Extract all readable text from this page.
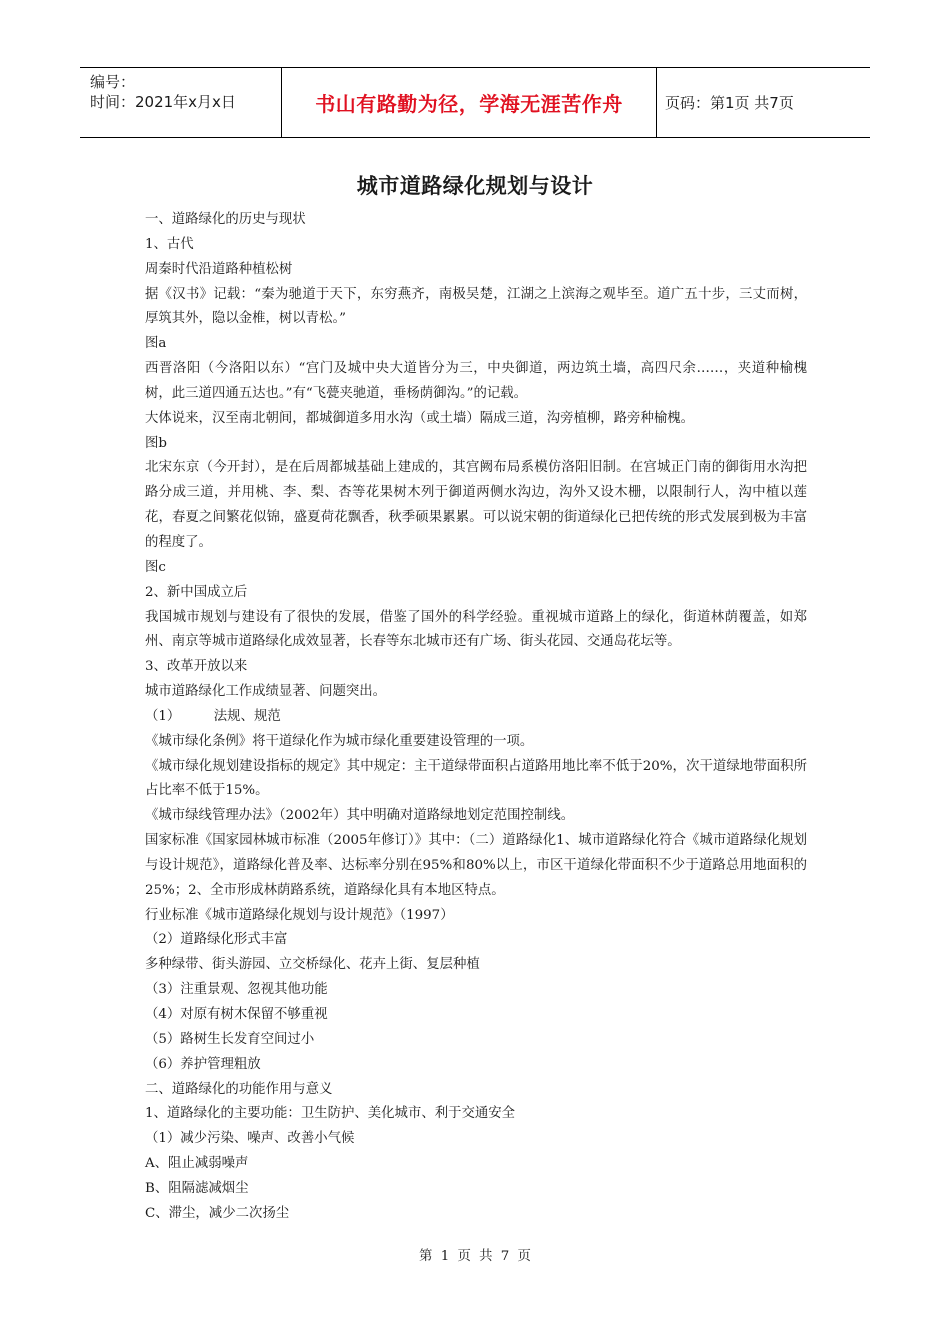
编号：
时间：2021年x月x日	书山有路勤为径，学海无涯苦作舟	页码：第1页 共7页
城市道路绿化规划与设计

一、道路绿化的历史与现状

1、古代

周秦时代沿道路种植松树

据《汉书》记载：“秦为驰道于天下，东穷燕齐，南极吴楚，江湖之上滨海之观毕至。道广五十步，三丈而树，厚筑其外，隐以金椎，树以青松。”

图a

西晋洛阳（今洛阳以东）“宫门及城中央大道皆分为三，中央御道，两边筑土墙，高四尺余……，夹道种榆槐树，此三道四通五达也。”有“飞甍夹驰道，垂杨荫御沟。”的记载。

大体说来，汉至南北朝间，都城御道多用水沟（或土墙）隔成三道，沟旁植柳，路旁种榆槐。

图b

北宋东京（今开封），是在后周都城基础上建成的，其宫阙布局系模仿洛阳旧制。在宫城正门南的御街用水沟把路分成三道，并用桃、李、梨、杏等花果树木列于御道两侧水沟边，沟外又设木栅，以限制行人，沟中植以莲花，春夏之间繁花似锦，盛夏荷花飘香，秋季硕果累累。可以说宋朝的街道绿化已把传统的形式发展到极为丰富的程度了。

图c

2、新中国成立后

我国城市规划与建设有了很快的发展，借鉴了国外的科学经验。重视城市道路上的绿化，街道林荫覆盖，如郑州、南京等城市道路绿化成效显著，长春等东北城市还有广场、街头花园、交通岛花坛等。

3、改革开放以来

城市道路绿化工作成绩显著、问题突出。

（1）　　　法规、规范

《城市绿化条例》将干道绿化作为城市绿化重要建设管理的一项。

《城市绿化规划建设指标的规定》其中规定：主干道绿带面积占道路用地比率不低于20%，次干道绿地带面积所占比率不低于15%。

《城市绿线管理办法》（2002年）其中明确对道路绿地划定范围控制线。

国家标准《国家园林城市标准（2005年修订）》其中：（二）道路绿化1、城市道路绿化符合《城市道路绿化规划与设计规范》，道路绿化普及率、达标率分别在95%和80%以上，市区干道绿化带面积不少于道路总用地面积的25%；2、全市形成林荫路系统，道路绿化具有本地区特点。

行业标准《城市道路绿化规划与设计规范》（1997）

（2）道路绿化形式丰富

多种绿带、街头游园、立交桥绿化、花卉上街、复层种植

（3）注重景观、忽视其他功能

（4）对原有树木保留不够重视

（5）路树生长发育空间过小

（6）养护管理粗放

二、道路绿化的功能作用与意义

1、道路绿化的主要功能：卫生防护、美化城市、利于交通安全

（1）减少污染、噪声、改善小气候

A、阻止减弱噪声

B、阻隔滤减烟尘

C、滞尘，减少二次扬尘

第 1 页 共 7 页
